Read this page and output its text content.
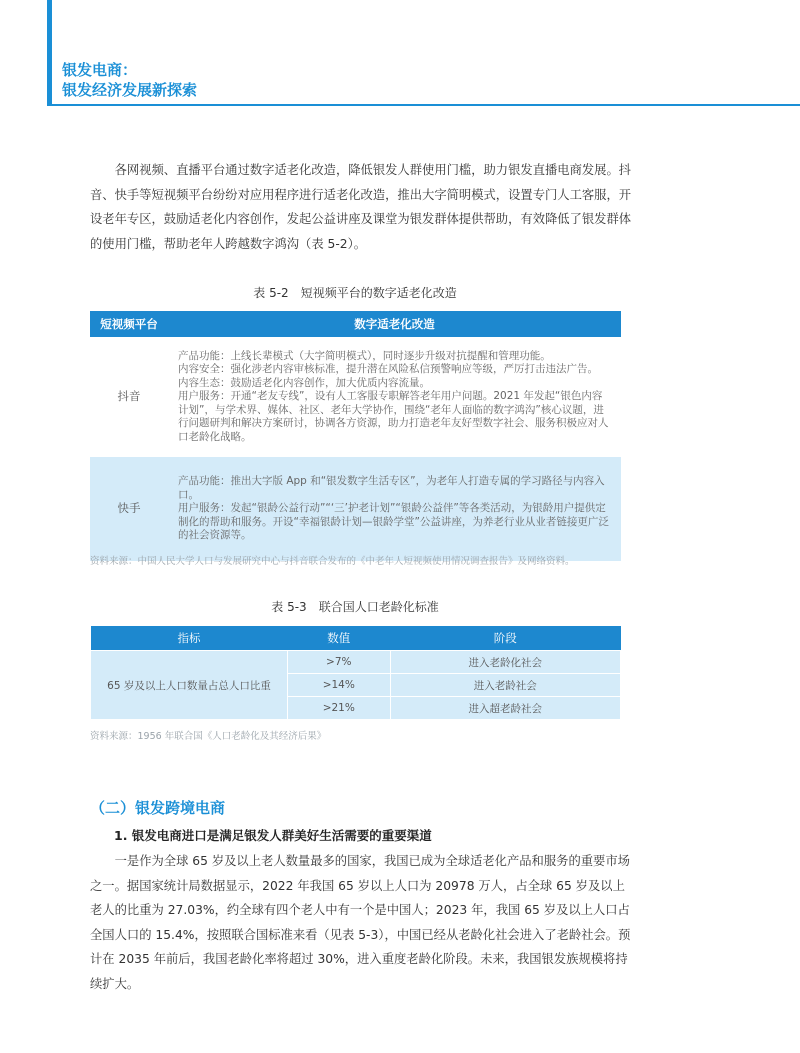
银发电商：
银发经济发展新探索

各网视频、直播平台通过数字适老化改造，降低银发人群使用门槛，助力银发直播电商发展。抖音、快手等短视频平台纷纷对应用程序进行适老化改造，推出大字简明模式，设置专门人工客服，开设老年专区，鼓励适老化内容创作，发起公益讲座及课堂为银发群体提供帮助，有效降低了银发群体的使用门槛，帮助老年人跨越数字鸿沟（表 5-2）。

表 5-2　短视频平台的数字适老化改造
短视频平台	数字适老化改造
抖音	产品功能：上线长辈模式（大字简明模式），同时逐步升级对抗提醒和管理功能。
内容安全：强化涉老内容审核标准，提升潜在风险私信预警响应等级，严厉打击违法广告。
内容生态：鼓励适老化内容创作，加大优质内容流量。
用户服务：开通“老友专线”，设有人工客服专职解答老年用户问题。2021 年发起“银色内容计划”，与学术界、媒体、社区、老年大学协作，围绕“老年人面临的数字鸿沟”核心议题，进行问题研判和解决方案研讨，协调各方资源，助力打造老年友好型数字社会、服务积极应对人口老龄化战略。

快手	产品功能：推出大字版 App 和“银发数字生活专区”，为老年人打造专属的学习路径与内容入口。
用户服务：发起“银龄公益行动”“‘三’护老计划”“银龄公益伴”等各类活动，为银龄用户提供定制化的帮助和服务。开设“幸福银龄计划—银龄学堂”公益讲座，为养老行业从业者链接更广泛的社会资源等。
资料来源：中国人民大学人口与发展研究中心与抖音联合发布的《中老年人短视频使用情况调查报告》及网络资料。
表 5-3　联合国人口老龄化标准
指标	数值	阶段
65 岁及以上人口数量占总人口比重	>7%	进入老龄化社会
	>14%	进入老龄社会
	>21%	进入超老龄社会
资料来源：1956 年联合国《人口老龄化及其经济后果》
（二）银发跨境电商
1. 银发电商进口是满足银发人群美好生活需要的重要渠道

一是作为全球 65 岁及以上老人数量最多的国家，我国已成为全球适老化产品和服务的重要市场之一。据国家统计局数据显示，2022 年我国 65 岁以上人口为 20978 万人，占全球 65 岁及以上老人的比重为 27.03%，约全球有四个老人中有一个是中国人；2023 年，我国 65 岁及以上人口占全国人口的 15.4%，按照联合国标准来看（见表 5-3），中国已经从老龄化社会进入了老龄社会。预计在 2035 年前后，我国老龄化率将超过 30%，进入重度老龄化阶段。未来，我国银发族规模将持续扩大。
